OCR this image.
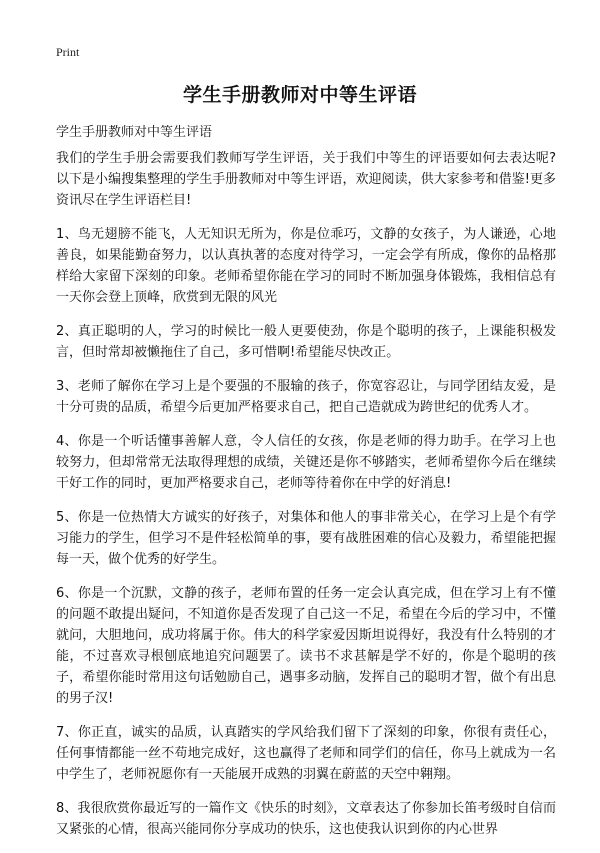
Print
学生手册教师对中等生评语
学生手册教师对中等生评语

我们的学生手册会需要我们教师写学生评语，关于我们中等生的评语要如何去表达呢?以下是小编搜集整理的学生手册教师对中等生评语，欢迎阅读，供大家参考和借鉴!更多资讯尽在学生评语栏目!

1、鸟无翅膀不能飞，人无知识无所为，你是位乖巧，文静的女孩子，为人谦逊，心地善良，如果能勤奋努力，以认真执著的态度对待学习，一定会学有所成，像你的品格那样给大家留下深刻的印象。老师希望你能在学习的同时不断加强身体锻炼，我相信总有一天你会登上顶峰，欣赏到无限的风光

2、真正聪明的人，学习的时候比一般人更要使劲，你是个聪明的孩子，上课能积极发言，但时常却被懒拖住了自己，多可惜啊!希望能尽快改正。

3、老师了解你在学习上是个要强的不服输的孩子，你宽容忍让，与同学团结友爱，是十分可贵的品质，希望今后更加严格要求自己，把自己造就成为跨世纪的优秀人才。

4、你是一个听话懂事善解人意，令人信任的女孩，你是老师的得力助手。在学习上也较努力，但却常常无法取得理想的成绩，关键还是你不够踏实，老师希望你今后在继续干好工作的同时，更加严格要求自己，老师等待着你在中学的好消息!

5、你是一位热情大方诚实的好孩子，对集体和他人的事非常关心，在学习上是个有学习能力的学生，但学习不是件轻松简单的事，要有战胜困难的信心及毅力，希望能把握每一天，做个优秀的好学生。

6、你是一个沉默，文静的孩子，老师布置的任务一定会认真完成，但在学习上有不懂的问题不敢提出疑问，不知道你是否发现了自己这一不足，希望在今后的学习中，不懂就问，大胆地问，成功将属于你。伟大的科学家爱因斯坦说得好，我没有什么特别的才能，不过喜欢寻根刨底地追究问题罢了。读书不求甚解是学不好的，你是个聪明的孩子，希望你能时常用这句话勉励自己，遇事多动脑，发挥自己的聪明才智，做个有出息的男子汉!

7、你正直，诚实的品质，认真踏实的学风给我们留下了深刻的印象，你很有责任心，任何事情都能一丝不苟地完成好，这也赢得了老师和同学们的信任，你马上就成为一名中学生了，老师祝愿你有一天能展开成熟的羽翼在蔚蓝的天空中翱翔。

8、我很欣赏你最近写的一篇作文《快乐的时刻》，文章表达了你参加长笛考级时自信而又紧张的心情，很高兴能同你分享成功的快乐，这也使我认识到你的内心世界
